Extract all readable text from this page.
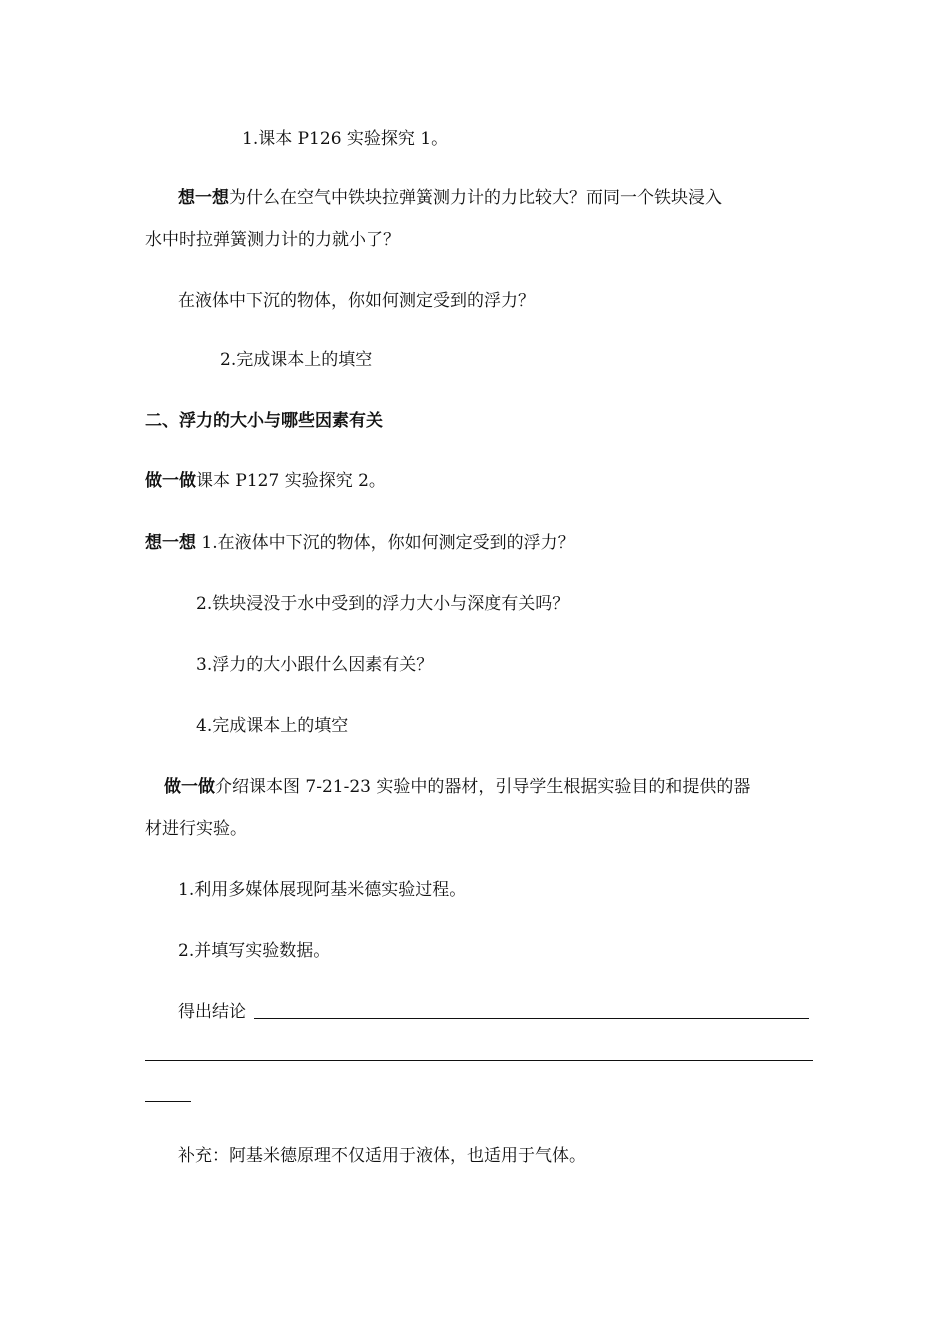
1.课本 P126 实验探究 1。
想一想为什么在空气中铁块拉弹簧测力计的力比较大？而同一个铁块浸入
水中时拉弹簧测力计的力就小了？
在液体中下沉的物体，你如何测定受到的浮力？
2.完成课本上的填空
二、浮力的大小与哪些因素有关
做一做课本 P127 实验探究 2。
想一想 1.在液体中下沉的物体，你如何测定受到的浮力？
2.铁块浸没于水中受到的浮力大小与深度有关吗？
3.浮力的大小跟什么因素有关？
4.完成课本上的填空
做一做介绍课本图 7-21-23 实验中的器材，引导学生根据实验目的和提供的器
材进行实验。
1.利用多媒体展现阿基米德实验过程。
2.并填写实验数据。
得出结论
补充：阿基米德原理不仅适用于液体，也适用于气体。
